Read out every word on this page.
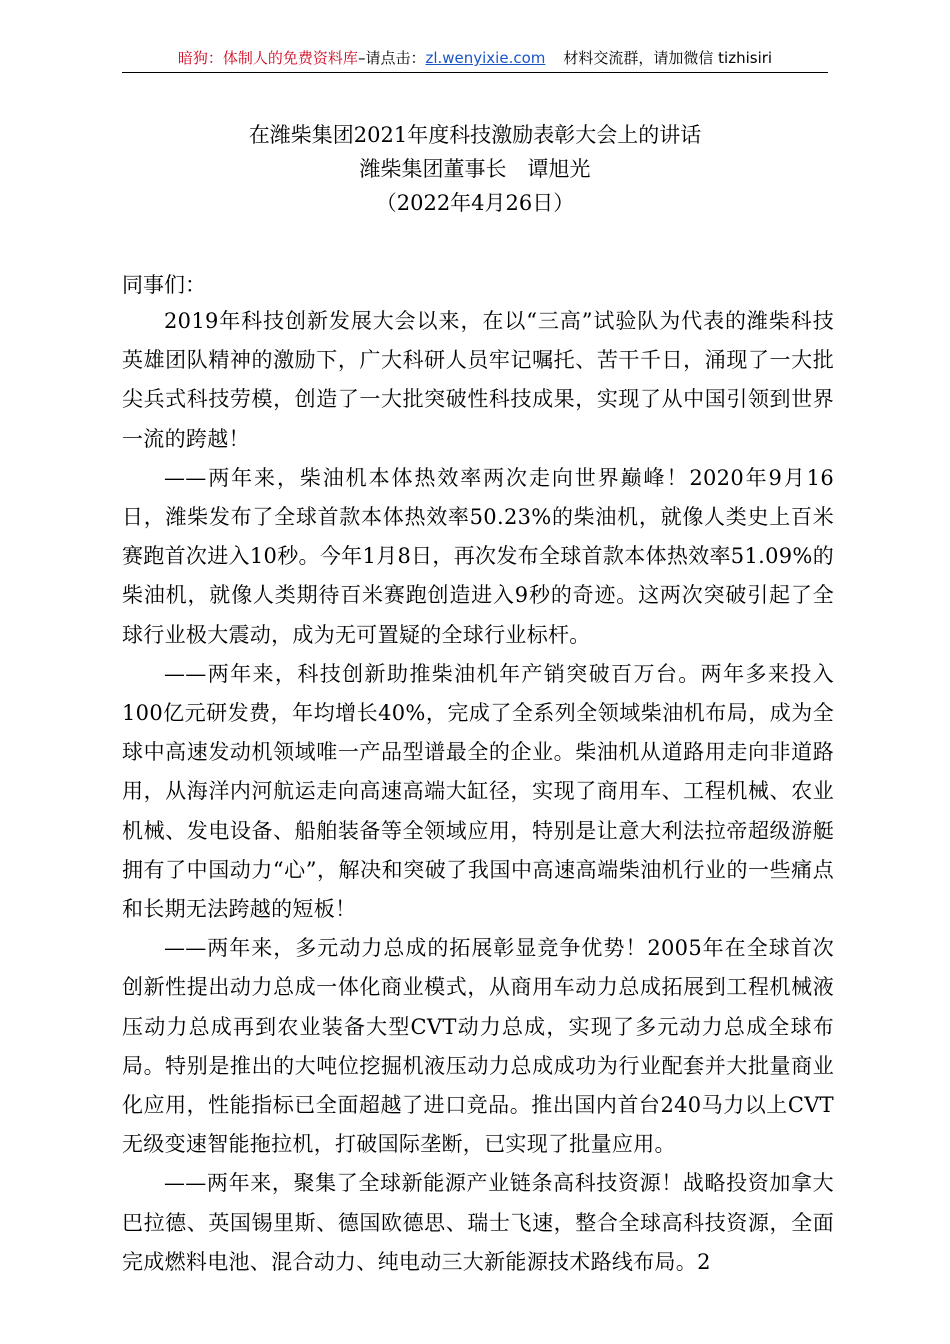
暗狗：体制人的免费资料库–请点击：zl.wenyixie.com 材料交流群，请加微信 tizhisiri
在潍柴集团2021年度科技激励表彰大会上的讲话
潍柴集团董事长　谭旭光
（2022年4月26日）
同事们：

2019年科技创新发展大会以来，在以“三高”试验队为代表的潍柴科技英雄团队精神的激励下，广大科研人员牢记嘱托、苦干千日，涌现了一大批尖兵式科技劳模，创造了一大批突破性科技成果，实现了从中国引领到世界一流的跨越！

——两年来，柴油机本体热效率两次走向世界巅峰！2020年9月16日，潍柴发布了全球首款本体热效率50.23%的柴油机，就像人类史上百米赛跑首次进入10秒。今年1月8日，再次发布全球首款本体热效率51.09%的柴油机，就像人类期待百米赛跑创造进入9秒的奇迹。这两次突破引起了全球行业极大震动，成为无可置疑的全球行业标杆。

——两年来，科技创新助推柴油机年产销突破百万台。两年多来投入100亿元研发费，年均增长40%，完成了全系列全领域柴油机布局，成为全球中高速发动机领域唯一产品型谱最全的企业。柴油机从道路用走向非道路用，从海洋内河航运走向高速高端大缸径，实现了商用车、工程机械、农业机械、发电设备、船舶装备等全领域应用，特别是让意大利法拉帝超级游艇拥有了中国动力“心”，解决和突破了我国中高速高端柴油机行业的一些痛点和长期无法跨越的短板！

——两年来，多元动力总成的拓展彰显竞争优势！2005年在全球首次创新性提出动力总成一体化商业模式，从商用车动力总成拓展到工程机械液压动力总成再到农业装备大型CVT动力总成，实现了多元动力总成全球布局。特别是推出的大吨位挖掘机液压动力总成成功为行业配套并大批量商业化应用，性能指标已全面超越了进口竞品。推出国内首台240马力以上CVT无级变速智能拖拉机，打破国际垄断，已实现了批量应用。

——两年来，聚集了全球新能源产业链条高科技资源！战略投资加拿大巴拉德、英国锡里斯、德国欧德思、瑞士飞速，整合全球高科技资源，全面完成燃料电池、混合动力、纯电动三大新能源技术路线布局。2
